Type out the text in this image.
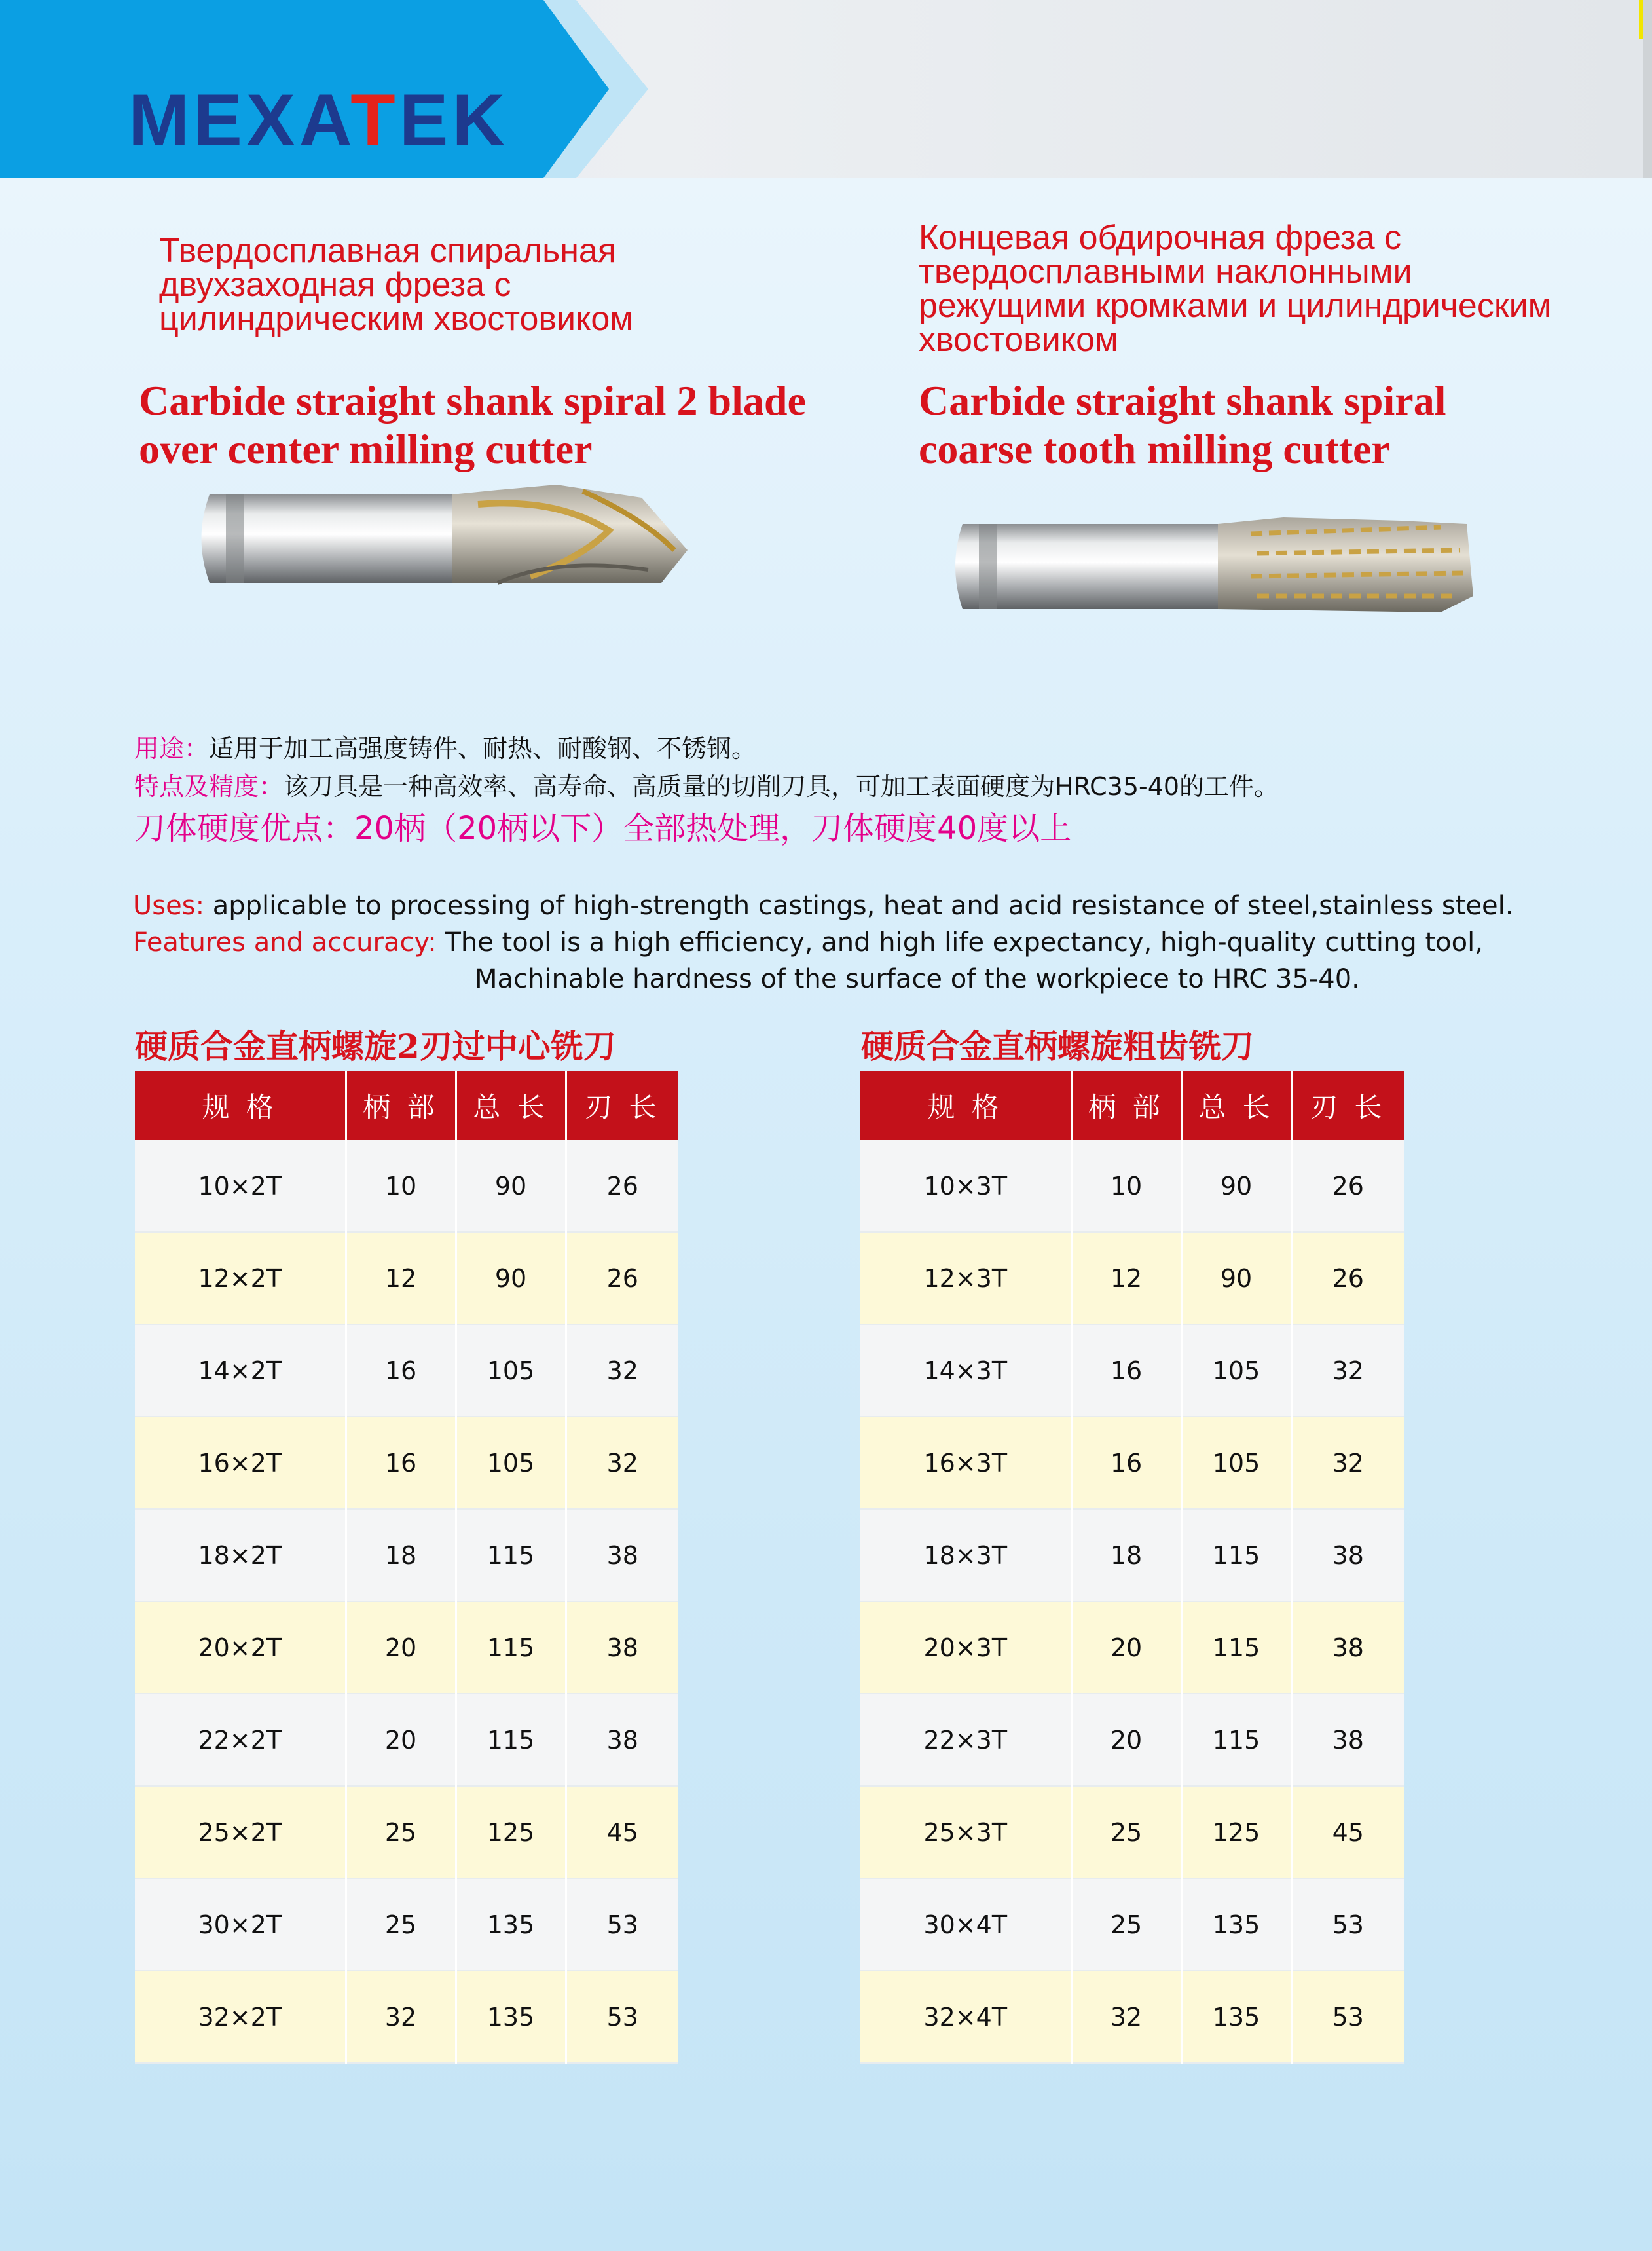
MEXATEK
Твердосплавная спиральная
двухзаходная фреза с
цилиндрическим хвостовиком
Carbide straight shank spiral 2 blade
over center milling cutter
Концевая обдирочная фреза с
твердосплавными наклонными
режущими кромками и цилиндрическим
хвостовиком
Carbide straight shank spiral
coarse tooth milling cutter
用途：适用于加工高强度铸件、耐热、耐酸钢、不锈钢。
特点及精度：该刀具是一种高效率、高寿命、高质量的切削刀具，可加工表面硬度为HRC35-40的工件。
刀体硬度优点：20柄（20柄以下）全部热处理，刀体硬度40度以上
Uses: applicable to processing of high-strength castings, heat and acid resistance of steel,stainless steel.
Features and accuracy: The tool is a high efficiency, and high life expectancy, high-quality cutting tool,
Machinable hardness of the surface of the workpiece to HRC 35-40.
硬质合金直柄螺旋2刃过中心铣刀	硬质合金直柄螺旋粗齿铣刀
规 格	柄 部	总 长	刃 长
10×2T	10	90	26
12×2T	12	90	26
14×2T	16	105	32
16×2T	16	105	32
18×2T	18	115	38
20×2T	20	115	38
22×2T	20	115	38
25×2T	25	125	45
30×2T	25	135	53
32×2T	32	135	53
规 格	柄 部	总 长	刃 长
10×3T	10	90	26
12×3T	12	90	26
14×3T	16	105	32
16×3T	16	105	32
18×3T	18	115	38
20×3T	20	115	38
22×3T	20	115	38
25×3T	25	125	45
30×4T	25	135	53
32×4T	32	135	53
